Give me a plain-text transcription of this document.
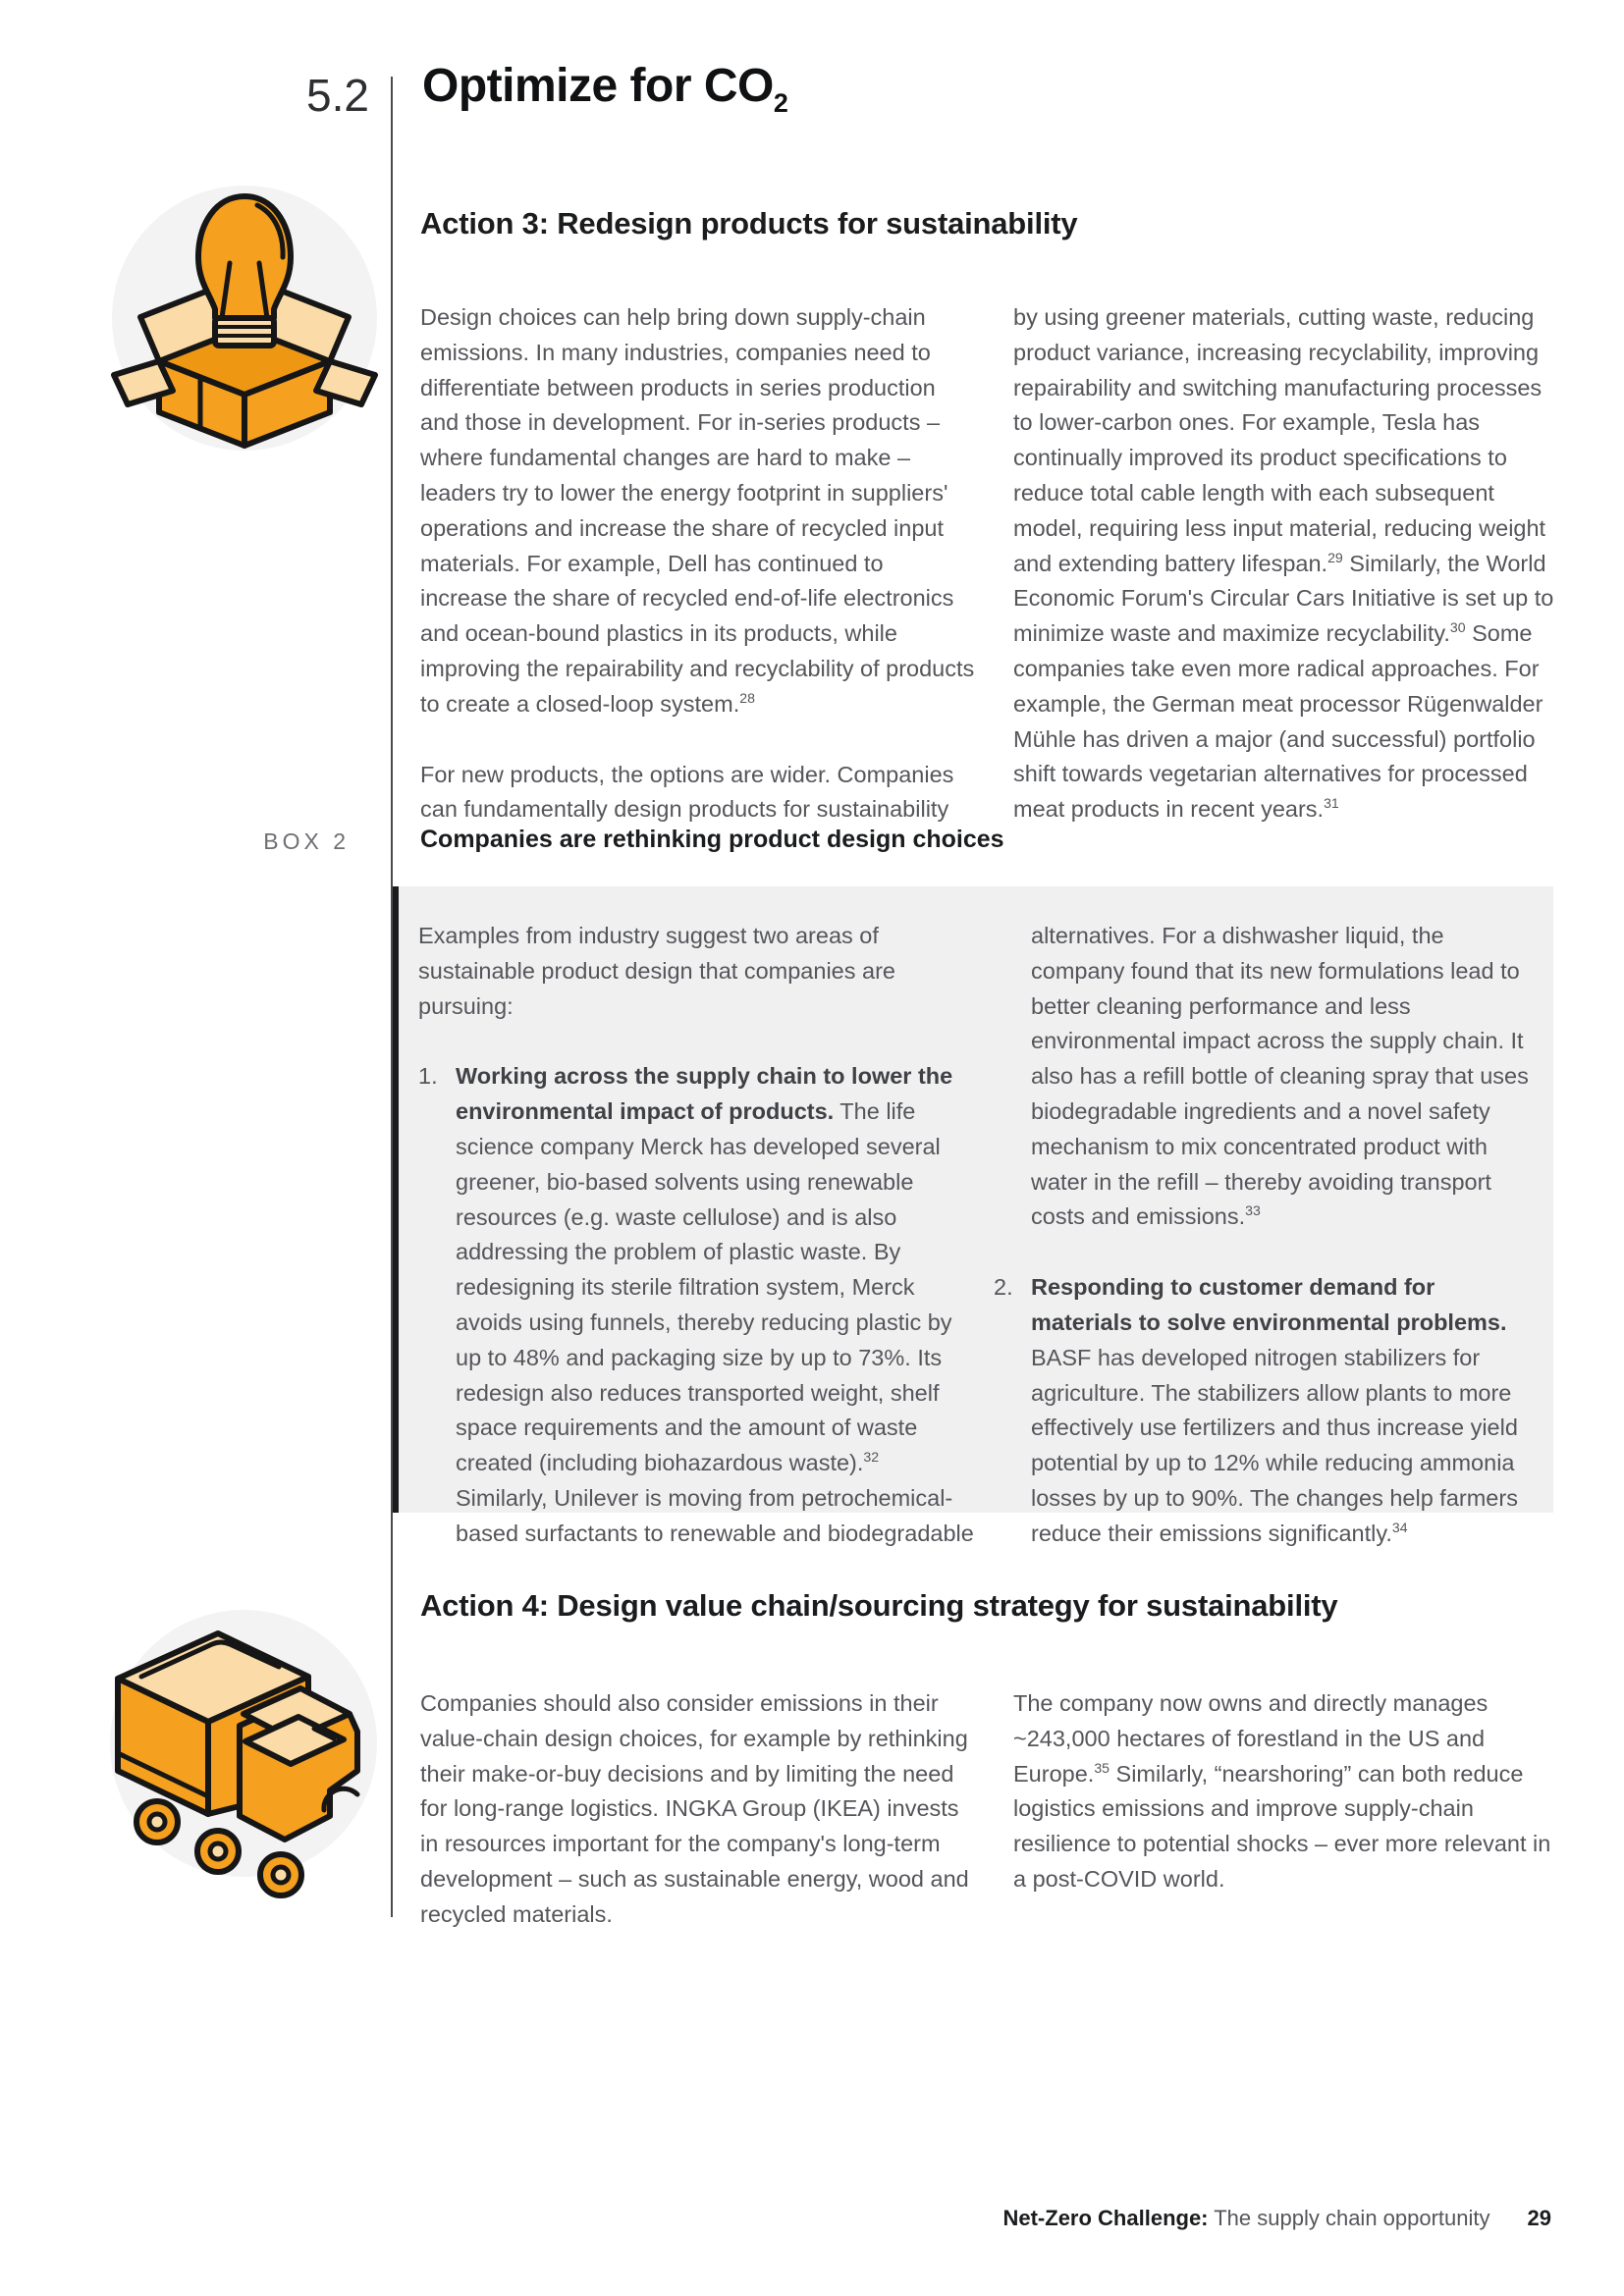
5.2 Optimize for $CO_2$
Action 3: Redesign products for sustainability

Design choices can help bring down supply-chain emissions. In many industries, companies need to differentiate between products in series production and those in development. For in-series products – where fundamental changes are hard to make – leaders try to lower the energy footprint in suppliers' operations and increase the share of recycled input materials. For example, Dell has continued to increase the share of recycled end-of-life electronics and ocean-bound plastics in its products, while improving the repairability and recyclability of products to create a closed-loop system.$^{28}$

For new products, the options are wider. Companies can fundamentally design products for sustainability

by using greener materials, cutting waste, reducing product variance, increasing recyclability, improving repairability and switching manufacturing processes to lower-carbon ones. For example, Tesla has continually improved its product specifications to reduce total cable length with each subsequent model, requiring less input material, reducing weight and extending battery lifespan.$^{29}$ Similarly, the World Economic Forum's Circular Cars Initiative is set up to minimize waste and maximize recyclability.$^{30}$ Some companies take even more radical approaches. For example, the German meat processor Rügenwalder Mühle has driven a major (and successful) portfolio shift towards vegetarian alternatives for processed meat products in recent years.$^{31}$

BOX 2	Companies are rethinking product design choices

Examples from industry suggest two areas of sustainable product design that companies are pursuing:

1. Working across the supply chain to lower the environmental impact of products. The life science company Merck has developed several greener, bio-based solvents using renewable resources (e.g. waste cellulose) and is also addressing the problem of plastic waste. By redesigning its sterile filtration system, Merck avoids using funnels, thereby reducing plastic by up to 48% and packaging size by up to 73%. Its redesign also reduces transported weight, shelf space requirements and the amount of waste created (including biohazardous waste).$^{32}$ Similarly, Unilever is moving from petrochemical-based surfactants to renewable and biodegradable

alternatives. For a dishwasher liquid, the company found that its new formulations lead to better cleaning performance and less environmental impact across the supply chain. It also has a refill bottle of cleaning spray that uses biodegradable ingredients and a novel safety mechanism to mix concentrated product with water in the refill – thereby avoiding transport costs and emissions.$^{33}$

2. Responding to customer demand for materials to solve environmental problems. BASF has developed nitrogen stabilizers for agriculture. The stabilizers allow plants to more effectively use fertilizers and thus increase yield potential by up to 12% while reducing ammonia losses by up to 90%. The changes help farmers reduce their emissions significantly.$^{34}$
Action 4: Design value chain/sourcing strategy for sustainability

Companies should also consider emissions in their value-chain design choices, for example by rethinking their make-or-buy decisions and by limiting the need for long-range logistics. INGKA Group (IKEA) invests in resources important for the company's long-term development – such as sustainable energy, wood and recycled materials.

The company now owns and directly manages ~243,000 hectares of forestland in the US and Europe.$^{35}$ Similarly, “nearshoring” can both reduce logistics emissions and improve supply-chain resilience to potential shocks – ever more relevant in a post-COVID world.

Net-Zero Challenge: The supply chain opportunity 29
